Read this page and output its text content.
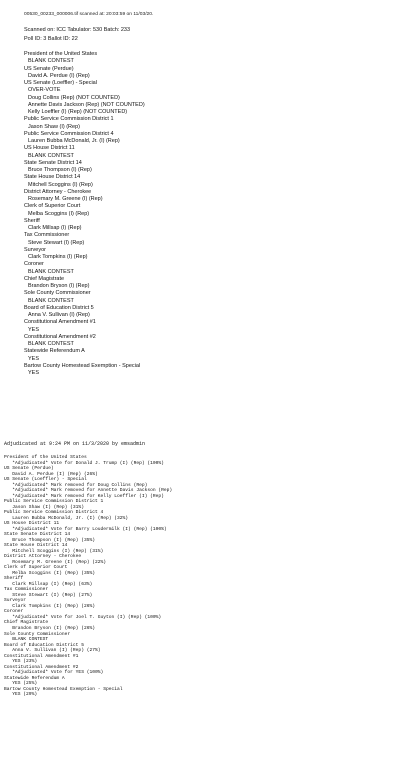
00530_00233_000006.tif scanned at: 20:03:59 on 11/03/20.
Scanned on: ICC Tabulator: 530 Batch: 233
Poll ID: 3 Ballot ID: 22
President of the United States
BLANK CONTEST
US Senate (Perdue)
David A. Perdue (I) (Rep)
US Senate (Loeffler) - Special
OVER-VOTE
Doug Collins (Rep) (NOT COUNTED)
Annette Davis Jackson (Rep) (NOT COUNTED)
Kelly Loeffler (I) (Rep) (NOT COUNTED)
Public Service Commission District 1
Jason Shaw (I) (Rep)
Public Service Commission District 4
Lauren Bubba McDonald, Jr. (I) (Rep)
US House District 11
BLANK CONTEST
State Senate District 14
Bruce Thompson (I) (Rep)
State House District 14
Mitchell Scoggins (I) (Rep)
District Attorney - Cherokee
Rosemary M. Greene (I) (Rep)
Clerk of Superior Court
Melba Scoggins (I) (Rep)
Sheriff
Clark Millsap (I) (Rep)
Tax Commissioner
Steve Stewart (I) (Rep)
Surveyor
Clark Tompkins (I) (Rep)
Coroner
BLANK CONTEST
Chief Magistrate
Brandon Bryson (I) (Rep)
Sole County Commissioner
BLANK CONTEST
Board of Education District 5
Anna V. Sullivan (I) (Rep)
Constitutional Amendment #1
YES
Constitutional Amendment #2
BLANK CONTEST
Statewide Referendum A
YES
Bartow County Homestead Exemption - Special
YES
Adjudicated at 9:24 PM on 11/3/2020 by emsadmin
President of the United States
*Adjudicated* Vote for Donald J. Trump (I) (Rep) (100%)
US Senate (Perdue)
David A. Perdue (I) (Rep) (26%)
US Senate (Loeffler) - Special
*Adjudicated* Mark removed for Doug Collins (Rep)
*Adjudicated* Mark removed for Annette Davis Jackson (Rep)
*Adjudicated* Mark removed for Kelly Loeffler (I) (Rep)
Public Service Commission District 1
Jason Shaw (I) (Rep) (31%)
Public Service Commission District 4
Lauren Bubba McDonald, Jr. (I) (Rep) (32%)
US House District 11
*Adjudicated* Vote for Barry Loudermilk (I) (Rep) (100%)
State Senate District 14
Bruce Thompson (I) (Rep) (35%)
State House District 14
Mitchell Scoggins (I) (Rep) (31%)
District Attorney - Cherokee
Rosemary M. Greene (I) (Rep) (22%)
Clerk of Superior Court
Melba Scoggins (I) (Rep) (35%)
Sheriff
Clark Millsap (I) (Rep) (63%)
Tax Commissioner
Steve Stewart (I) (Rep) (27%)
Surveyor
Clark Tompkins (I) (Rep) (26%)
Coroner
*Adjudicated* Vote for Joel T. Guyton (I) (Rep) (100%)
Chief Magistrate
Brandon Bryson (I) (Rep) (26%)
Sole County Commissioner
BLANK CONTEST
Board of Education District 5
Anna V. Sullivan (I) (Rep) (27%)
Constitutional Amendment #1
YES (23%)
Constitutional Amendment #2
*Adjudicated* Vote for YES (100%)
Statewide Referendum A
YES (25%)
Bartow County Homestead Exemption - Special
YES (29%)
